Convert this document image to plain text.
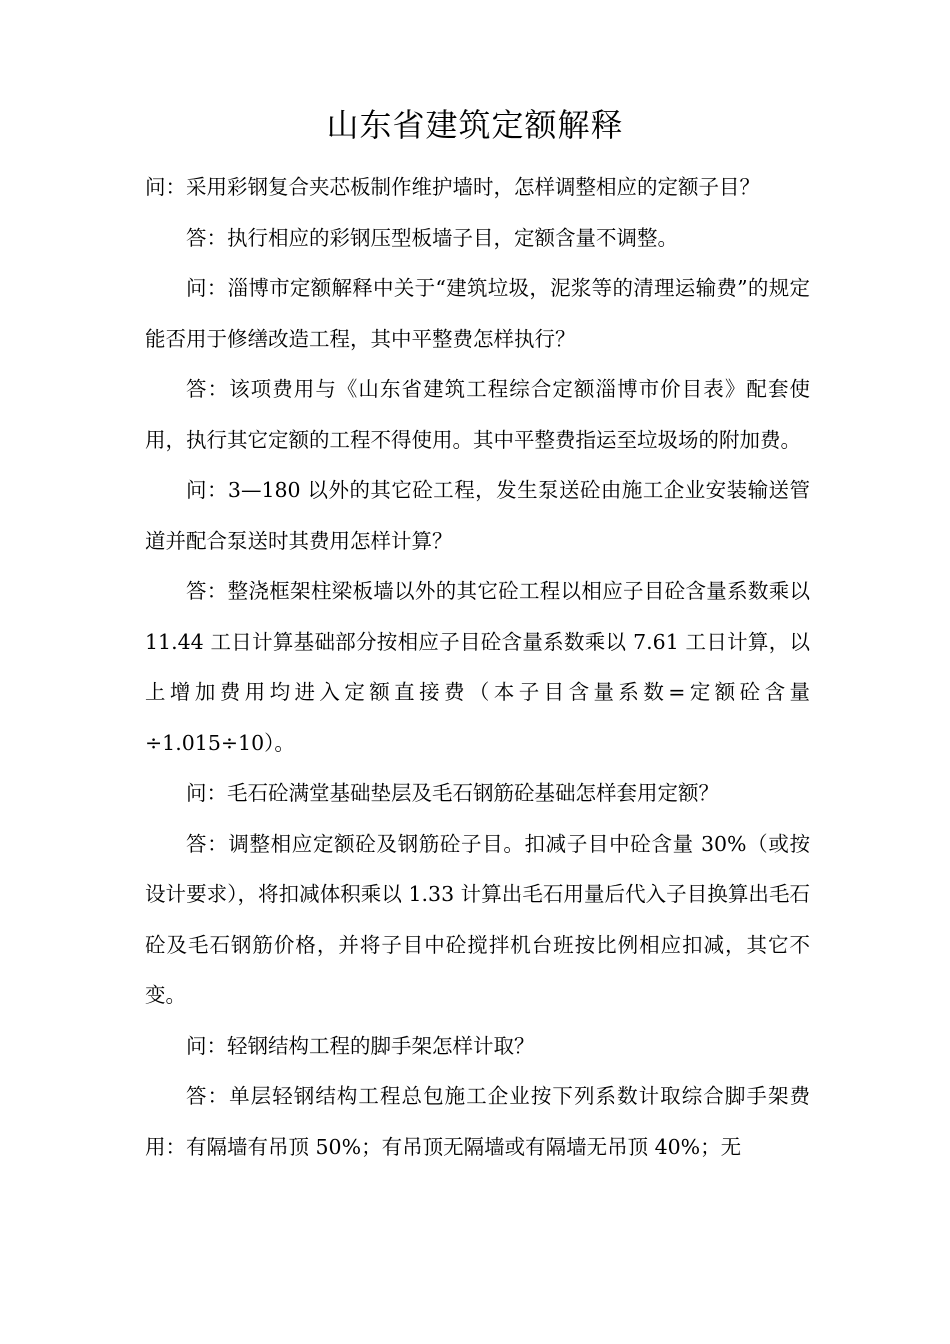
山东省建筑定额解释

问：采用彩钢复合夹芯板制作维护墙时，怎样调整相应的定额子目？

答：执行相应的彩钢压型板墙子目，定额含量不调整。

问：淄博市定额解释中关于“建筑垃圾，泥浆等的清理运输费”的规定能否用于修缮改造工程，其中平整费怎样执行？

答：该项费用与《山东省建筑工程综合定额淄博市价目表》配套使用，执行其它定额的工程不得使用。其中平整费指运至垃圾场的附加费。

问：3—180 以外的其它砼工程，发生泵送砼由施工企业安装输送管道并配合泵送时其费用怎样计算？

答：整浇框架柱梁板墙以外的其它砼工程以相应子目砼含量系数乘以 11.44 工日计算基础部分按相应子目砼含量系数乘以 7.61 工日计算，以上增加费用均进入定额直接费（本子目含量系数=定额砼含量÷1.015÷10）。

问：毛石砼满堂基础垫层及毛石钢筋砼基础怎样套用定额？

答：调整相应定额砼及钢筋砼子目。扣减子目中砼含量 30%（或按设计要求），将扣减体积乘以 1.33 计算出毛石用量后代入子目换算出毛石砼及毛石钢筋价格，并将子目中砼搅拌机台班按比例相应扣减，其它不变。

问：轻钢结构工程的脚手架怎样计取？

答：单层轻钢结构工程总包施工企业按下列系数计取综合脚手架费用：有隔墙有吊顶 50%；有吊顶无隔墙或有隔墙无吊顶 40%；无
